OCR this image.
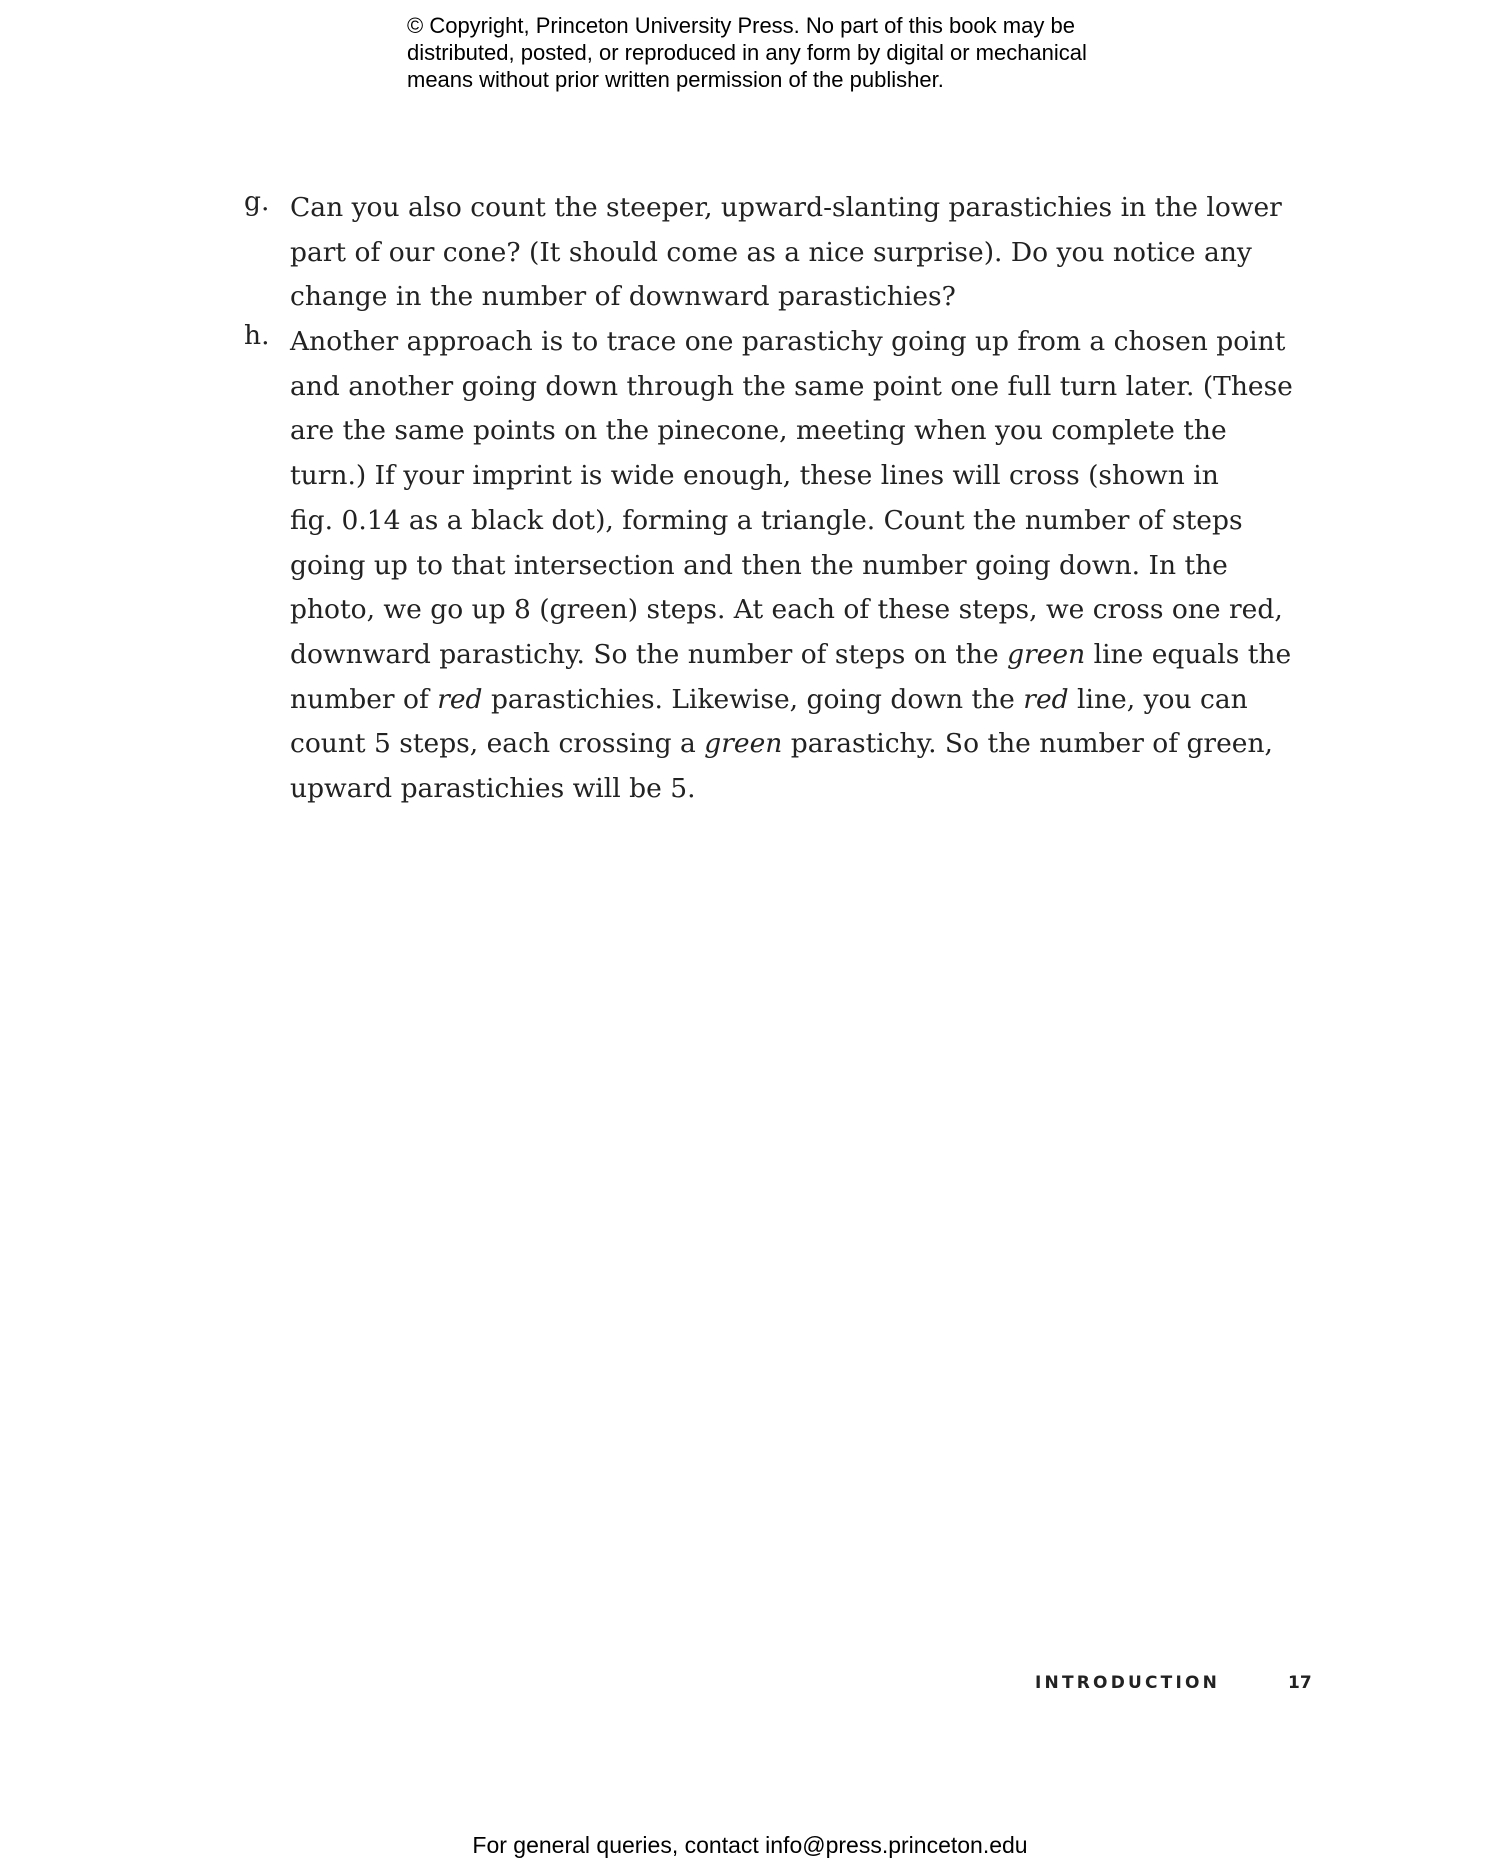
© Copyright, Princeton University Press. No part of this book may be
distributed, posted, or reproduced in any form by digital or mechanical
means without prior written permission of the publisher.
g. Can you also count the steeper, upward-slanting parastichies in the lower
part of our cone? (It should come as a nice surprise). Do you notice any
change in the number of downward parastichies?
h. Another approach is to trace one parastichy going up from a chosen point
and another going down through the same point one full turn later. (These
are the same points on the pinecone, meeting when you complete the
turn.) If your imprint is wide enough, these lines will cross (shown in
fig. 0.14 as a black dot), forming a triangle. Count the number of steps
going up to that intersection and then the number going down. In the
photo, we go up 8 (green) steps. At each of these steps, we cross one red,
downward parastichy. So the number of steps on the green line equals the
number of red parastichies. Likewise, going down the red line, you can
count 5 steps, each crossing a green parastichy. So the number of green,
upward parastichies will be 5.
INTRODUCTION	17
For general queries, contact info@press.princeton.edu
